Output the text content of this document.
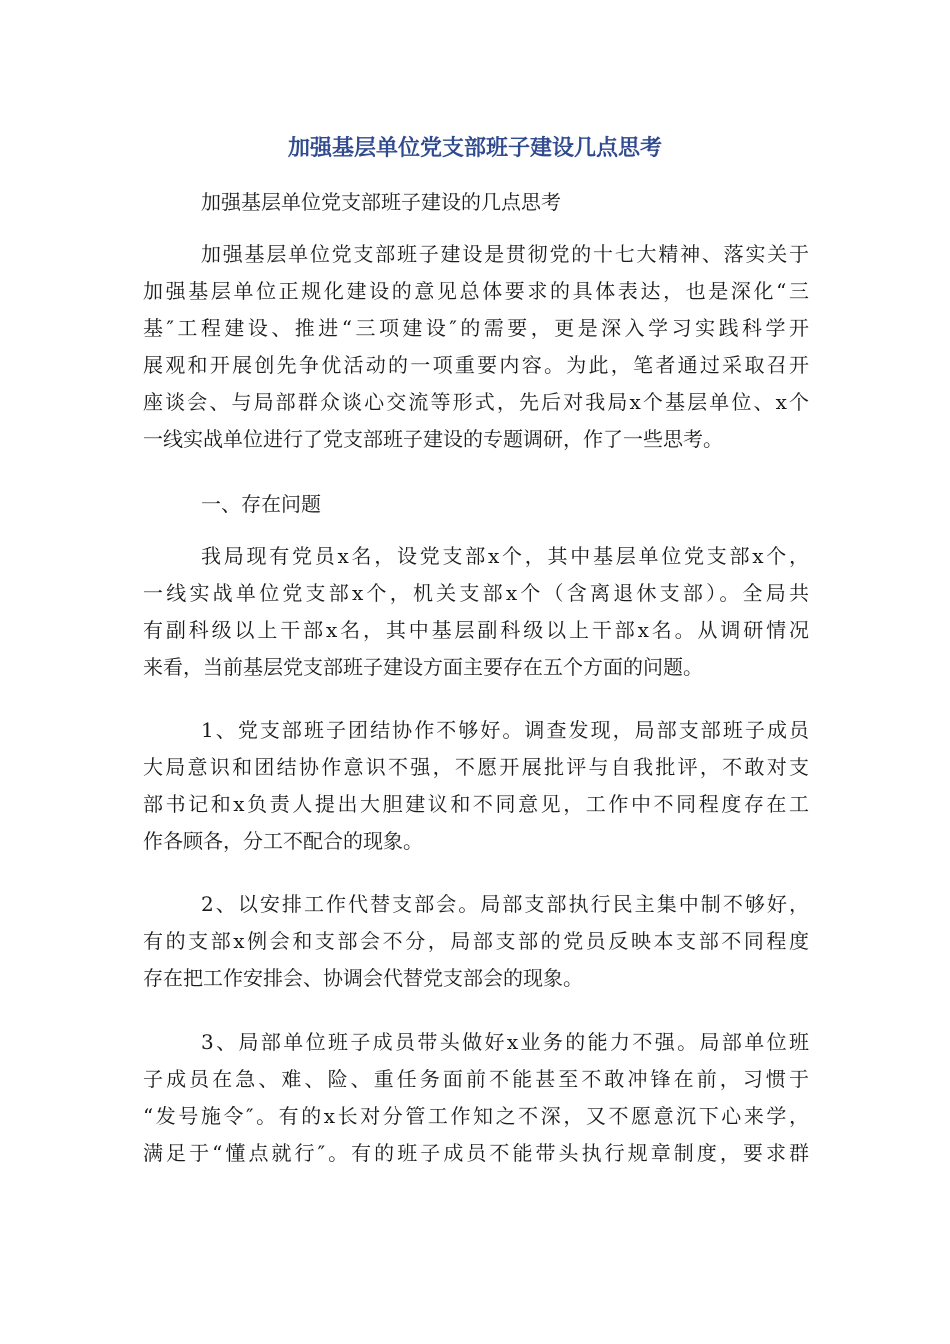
加强基层单位党支部班子建设几点思考

加强基层单位党支部班子建设的几点思考

加强基层单位党支部班子建设是贯彻党的十七大精神、落实关于
加强基层单位正规化建设的意见总体要求的具体表达，也是深化“三
基″工程建设、推进“三项建设″的需要，更是深入学习实践科学开
展观和开展创先争优活动的一项重要内容。为此，笔者通过采取召开
座谈会、与局部群众谈心交流等形式，先后对我局x个基层单位、x个
一线实战单位进行了党支部班子建设的专题调研，作了一些思考。

一、存在问题

我局现有党员x名，设党支部x个，其中基层单位党支部x个，
一线实战单位党支部x个，机关支部x个（含离退休支部）。全局共
有副科级以上干部x名，其中基层副科级以上干部x名。从调研情况
来看，当前基层党支部班子建设方面主要存在五个方面的问题。

1、党支部班子团结协作不够好。调查发现，局部支部班子成员
大局意识和团结协作意识不强，不愿开展批评与自我批评，不敢对支
部书记和x负责人提出大胆建议和不同意见，工作中不同程度存在工
作各顾各，分工不配合的现象。

2、以安排工作代替支部会。局部支部执行民主集中制不够好，
有的支部x例会和支部会不分，局部支部的党员反映本支部不同程度
存在把工作安排会、协调会代替党支部会的现象。

3、局部单位班子成员带头做好x业务的能力不强。局部单位班
子成员在急、难、险、重任务面前不能甚至不敢冲锋在前，习惯于
“发号施令″。有的x长对分管工作知之不深，又不愿意沉下心来学，
满足于“懂点就行″。有的班子成员不能带头执行规章制度，要求群
